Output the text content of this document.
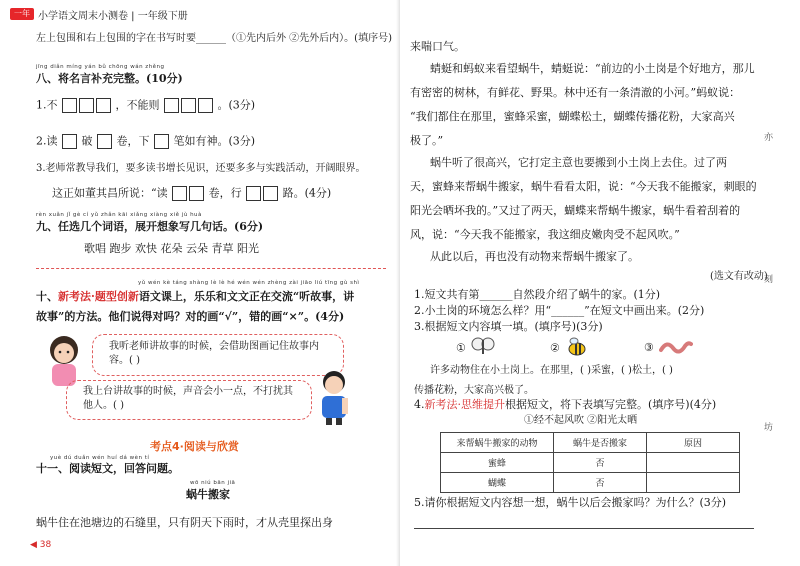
一年 小学语文周末小测卷 | 一年级下册
左上包围和右上包围的字在书写时要______（①先内后外 ②先外后内）。(填序号)
jīng diǎn míng yán bǔ chōng wán zhěng
八、将名言补充完整。(10分)
1.不	，不能则	。(3分)
2.读 破 卷，下 笔如有神。(3分)
3.老师常教导我们，要多读书增长见识，还要多多与实践活动，开阔眼界。
这正如董其昌所说：“读	卷，行	路。(4分)
rèn xuǎn jǐ gè cí yǔ zhǎn kāi xiǎng xiàng xiě jù huà
九、任选几个词语，展开想象写几句话。(6分)
歌唱 跑步 欢快 花朵 云朵 青草 阳光
yǔ wén kè táng shàng lè lè hé wén wén zhèng zài jiāo liú tīng gù shì
十、新考法·题型创新语文课上，乐乐和文文正在交流“听故事，讲
故事”的方法。他们说得对吗？对的画“√”，错的画“×”。(4分)
我听老师讲故事的时候，会借助图画记住故事内容。( )
我上台讲故事的时候，声音会小一点，不打扰其他人。( )
考点4·阅读与欣赏
yuè dú duǎn wén huí dá wèn tí
十一、阅读短文，回答问题。
wō niú bān jiā
蜗牛搬家
蜗牛住在池塘边的石缝里，只有阴天下雨时，才从壳里探出身
◀ 38
来喘口气。
蜻蜓和蚂蚁来看望蜗牛，蜻蜓说：“前边的小土岗是个好地方，那儿
有密密的树林，有鲜花、野果。林中还有一条清澈的小河。”蚂蚁说：
“我们都住在那里，蜜蜂采蜜，蝴蝶松土，蝴蝶传播花粉，大家高兴
极了。”
蜗牛听了很高兴，它打定主意也要搬到小土岗上去住。过了两
天，蜜蜂来帮蜗牛搬家，蜗牛看看太阳，说：“今天我不能搬家，刺眼的
阳光会晒坏我的。”又过了两天，蝴蝶来帮蜗牛搬家，蜗牛看着刮着的
风，说：“今天我不能搬家，我这细皮嫩肉受不起风吹。”
从此以后，再也没有动物来帮蜗牛搬家了。
(选文有改动)
1.短文共有第______自然段介绍了蜗牛的家。(1分)
2.小土岗的环境怎么样？用“______”在短文中画出来。(2分)
3.根据短文内容填一填。(填序号)(3分)
①	②	③
许多动物住在小土岗上。在那里，( )采蜜，( )松土，( )
传播花粉，大家高兴极了。
4.新考法·思维提升根据短文，将下表填写完整。(填序号)(4分)
①经不起风吹 ②阳光太晒
来帮蜗牛搬家的动物	蜗牛是否搬家	原因
蜜蜂	否	
蝴蝶	否	
5.请你根据短文内容想一想，蜗牛以后会搬家吗？为什么？(3分)
亦
刻
坊
